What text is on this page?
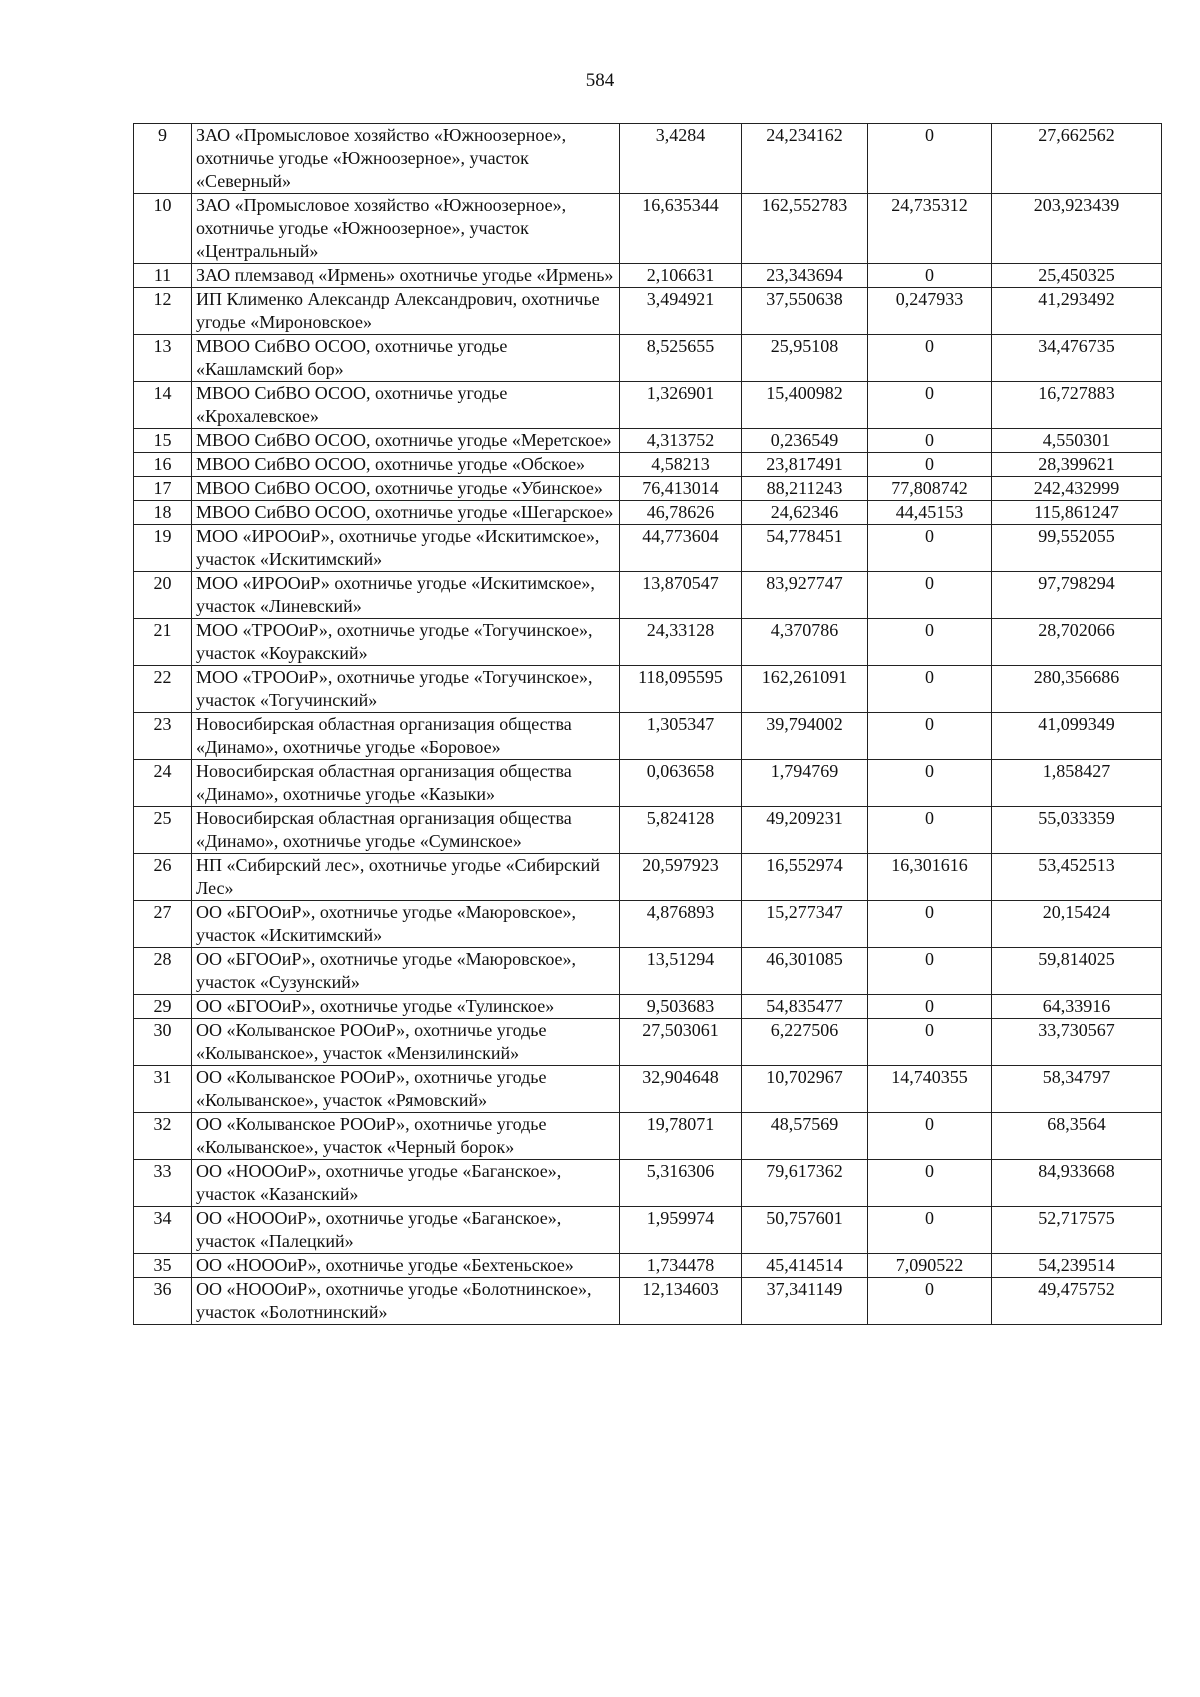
584
9	ЗАО «Промысловое хозяйство «Южноозерное», охотничье угодье «Южноозерное», участок «Северный»	3,4284	24,234162	0	27,662562
10	ЗАО «Промысловое хозяйство «Южноозерное», охотничье угодье «Южноозерное», участок «Центральный»	16,635344	162,552783	24,735312	203,923439
11	ЗАО племзавод «Ирмень» охотничье угодье «Ирмень»	2,106631	23,343694	0	25,450325
12	ИП Клименко Александр Александрович, охотничье угодье «Мироновское»	3,494921	37,550638	0,247933	41,293492
13	МВОО СибВО ОСОО, охотничье угодье «Кашламский бор»	8,525655	25,95108	0	34,476735
14	МВОО СибВО ОСОО, охотничье угодье «Крохалевское»	1,326901	15,400982	0	16,727883
15	МВОО СибВО ОСОО, охотничье угодье «Меретское»	4,313752	0,236549	0	4,550301
16	МВОО СибВО ОСОО, охотничье угодье «Обское»	4,58213	23,817491	0	28,399621
17	МВОО СибВО ОСОО, охотничье угодье «Убинское»	76,413014	88,211243	77,808742	242,432999
18	МВОО СибВО ОСОО, охотничье угодье «Шегарское»	46,78626	24,62346	44,45153	115,861247
19	МОО «ИРООиР», охотничье угодье «Искитимское», участок «Искитимский»	44,773604	54,778451	0	99,552055
20	МОО «ИРООиР» охотничье угодье «Искитимское», участок «Линевский»	13,870547	83,927747	0	97,798294
21	МОО «ТРООиР», охотничье угодье «Тогучинское», участок «Коуракский»	24,33128	4,370786	0	28,702066
22	МОО «ТРООиР», охотничье угодье «Тогучинское», участок «Тогучинский»	118,095595	162,261091	0	280,356686
23	Новосибирская областная организация общества «Динамо», охотничье угодье «Боровое»	1,305347	39,794002	0	41,099349
24	Новосибирская областная организация общества «Динамо», охотничье угодье «Казыки»	0,063658	1,794769	0	1,858427
25	Новосибирская областная организация общества «Динамо», охотничье угодье «Суминское»	5,824128	49,209231	0	55,033359
26	НП «Сибирский лес», охотничье угодье «Сибирский Лес»	20,597923	16,552974	16,301616	53,452513
27	ОО «БГООиР», охотничье угодье «Маюровское», участок «Искитимский»	4,876893	15,277347	0	20,15424
28	ОО «БГООиР», охотничье угодье «Маюровское», участок «Сузунский»	13,51294	46,301085	0	59,814025
29	ОО «БГООиР», охотничье угодье «Тулинское»	9,503683	54,835477	0	64,33916
30	ОО «Колыванское РООиР», охотничье угодье «Колыванское», участок «Мензилинский»	27,503061	6,227506	0	33,730567
31	ОО «Колыванское РООиР», охотничье угодье «Колыванское», участок «Рямовский»	32,904648	10,702967	14,740355	58,34797
32	ОО «Колыванское РООиР», охотничье угодье «Колыванское», участок «Черный борок»	19,78071	48,57569	0	68,3564
33	ОО «НОООиР», охотничье угодье «Баганское», участок «Казанский»	5,316306	79,617362	0	84,933668
34	ОО «НОООиР», охотничье угодье «Баганское», участок «Палецкий»	1,959974	50,757601	0	52,717575
35	ОО «НОООиР», охотничье угодье «Бехтеньское»	1,734478	45,414514	7,090522	54,239514
36	ОО «НОООиР», охотничье угодье «Болотнинское», участок «Болотнинский»	12,134603	37,341149	0	49,475752
